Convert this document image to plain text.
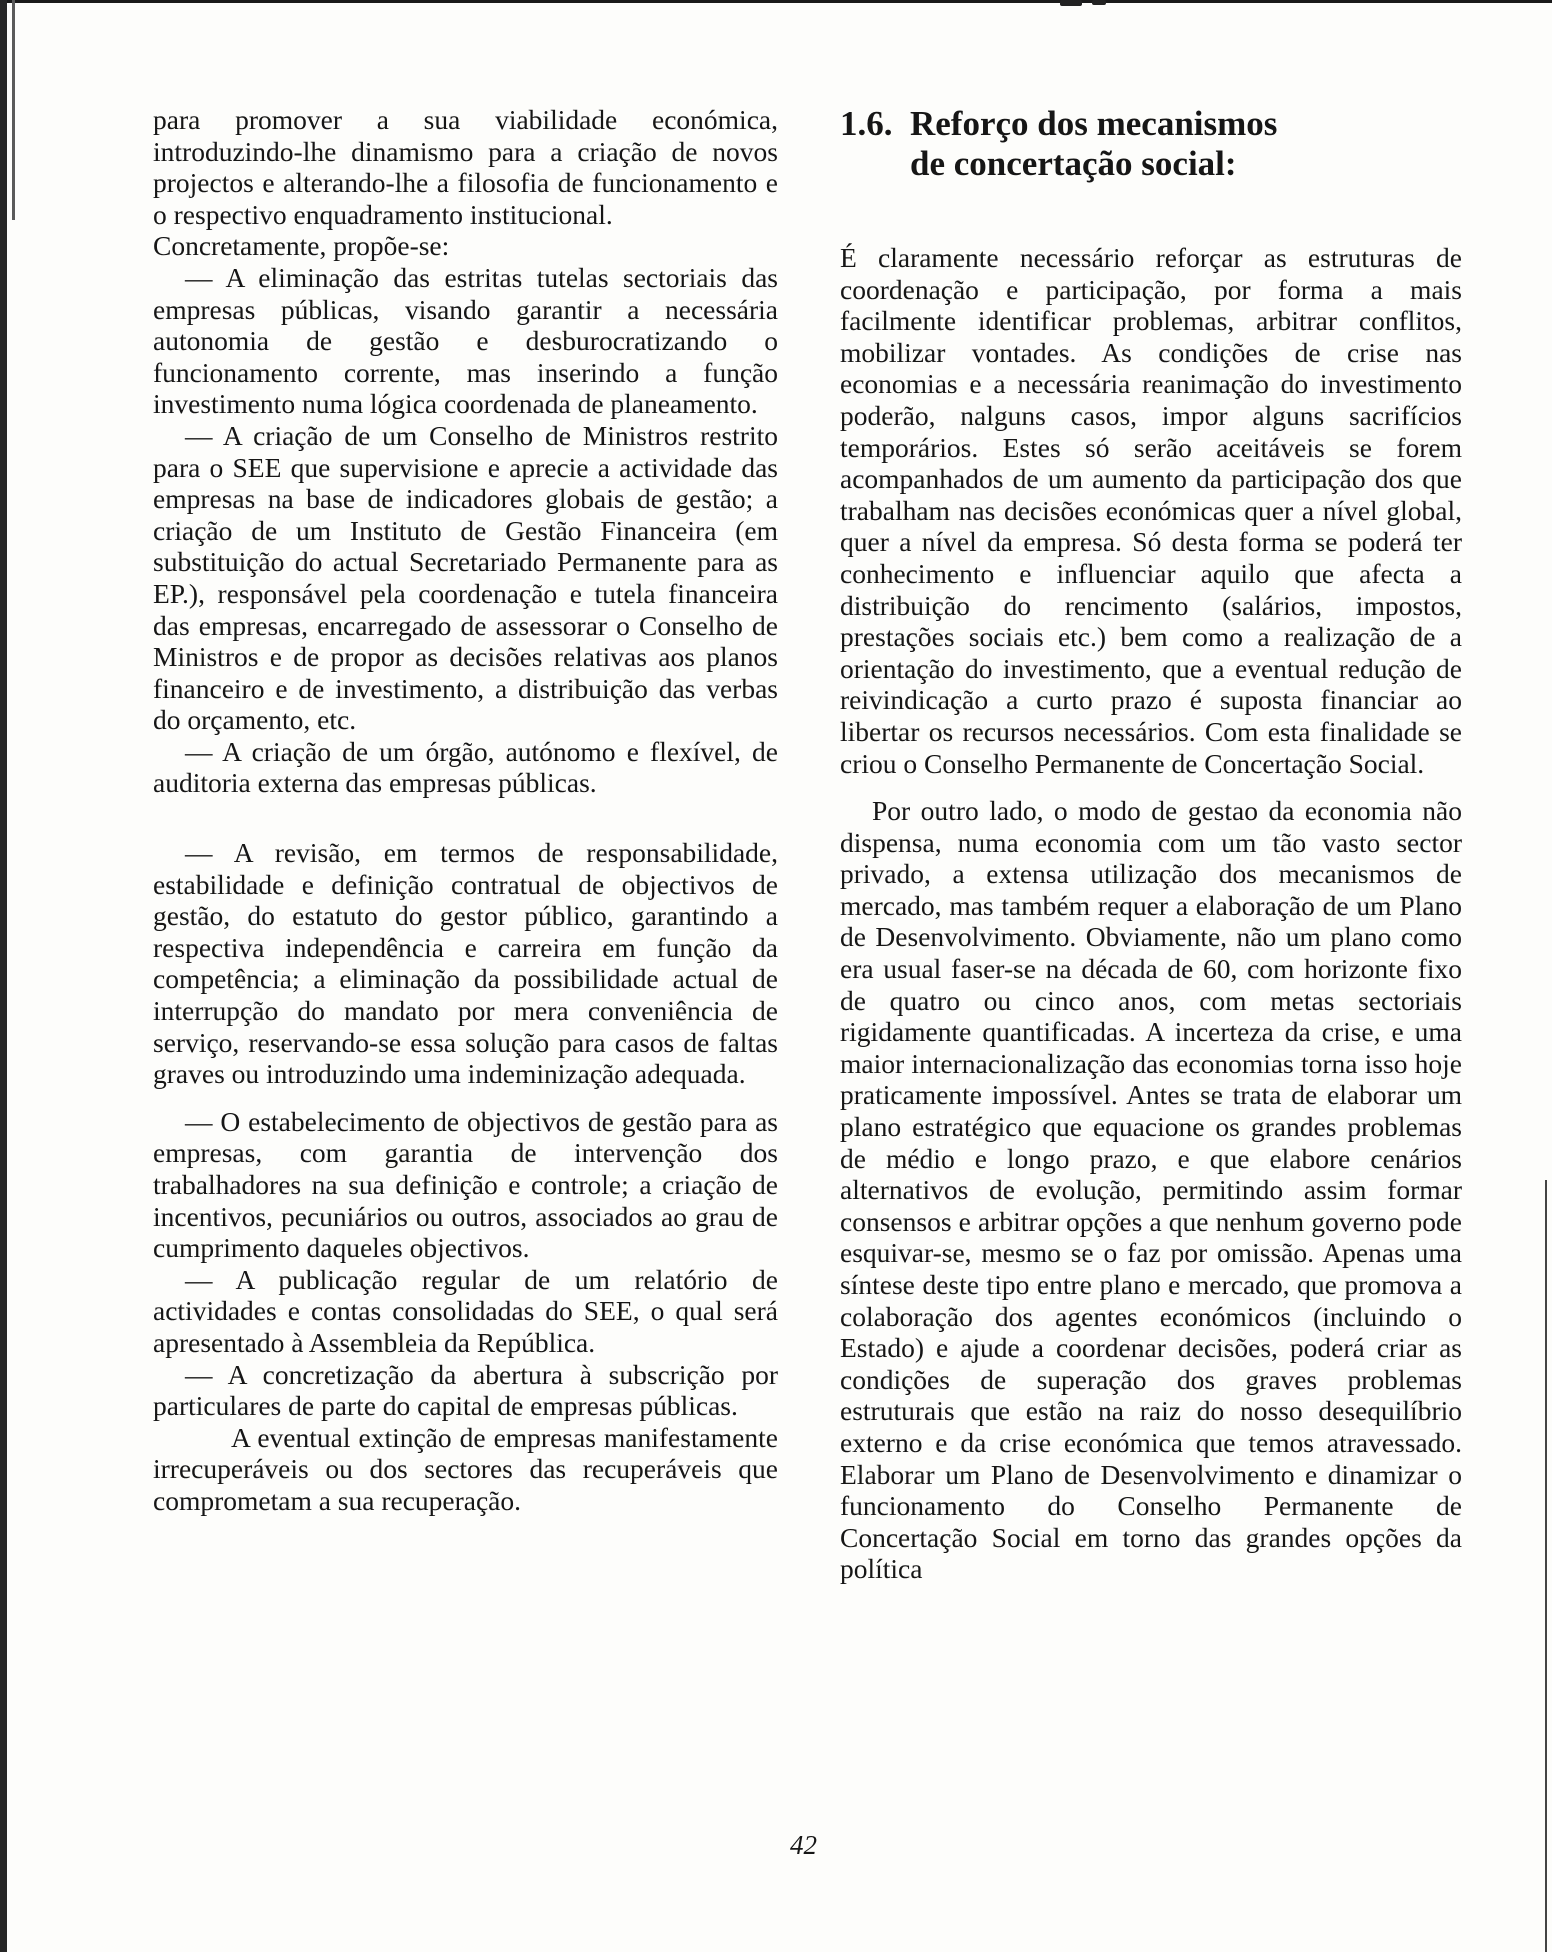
para promover a sua viabilidade económica, introduzindo-lhe dinamismo para a criação de novos projectos e alterando-lhe a filosofia de funcionamento e o respectivo enquadramento institucional.

Concretamente, propõe-se:

— A eliminação das estritas tutelas sectoriais das empresas públicas, visando garantir a necessária autonomia de gestão e desburocratizando o funcionamento corrente, mas inserindo a função investimento numa lógica coordenada de planeamento.

— A criação de um Conselho de Ministros restrito para o SEE que supervisione e aprecie a actividade das empresas na base de indicadores globais de gestão; a criação de um Instituto de Gestão Financeira (em substituição do actual Secretariado Permanente para as EP.), responsável pela coordenação e tutela financeira das empresas, encarregado de assessorar o Conselho de Ministros e de propor as decisões relativas aos planos financeiro e de investimento, a distribuição das verbas do orçamento, etc.

— A criação de um órgão, autónomo e flexível, de auditoria externa das empresas públicas.

— A revisão, em termos de responsabilidade, estabilidade e definição contratual de objectivos de gestão, do estatuto do gestor público, garantindo a respectiva independência e carreira em função da competência; a eliminação da possibilidade actual de interrupção do mandato por mera conveniência de serviço, reservando-se essa solução para casos de faltas graves ou introduzindo uma indeminização adequada.

— O estabelecimento de objectivos de gestão para as empresas, com garantia de intervenção dos trabalhadores na sua definição e controle; a criação de incentivos, pecuniários ou outros, associados ao grau de cumprimento daqueles objectivos.

— A publicação regular de um relatório de actividades e contas consolidadas do SEE, o qual será apresentado à Assembleia da República.

— A concretização da abertura à subscrição por particulares de parte do capital de empresas públicas.

A eventual extinção de empresas manifestamente irrecuperáveis ou dos sectores das recuperáveis que comprometam a sua recuperação.

1.6. Reforço dos mecanismos
de concertação social:

É claramente necessário reforçar as estruturas de coordenação e participação, por forma a mais facilmente identificar problemas, arbitrar conflitos, mobilizar vontades. As condições de crise nas economias e a necessária reanimação do investimento poderão, nalguns casos, impor alguns sacrifícios temporários. Estes só serão aceitáveis se forem acompanhados de um aumento da participação dos que trabalham nas decisões económicas quer a nível global, quer a nível da empresa. Só desta forma se poderá ter conhecimento e influenciar aquilo que afecta a distribuição do rencimento (salários, impostos, prestações sociais etc.) bem como a realização de a orientação do investimento, que a eventual redução de reivindicação a curto prazo é suposta financiar ao libertar os recursos necessários. Com esta finalidade se criou o Conselho Permanente de Concertação Social.

Por outro lado, o modo de gestao da economia não dispensa, numa economia com um tão vasto sector privado, a extensa utilização dos mecanismos de mercado, mas também requer a elaboração de um Plano de Desenvolvimento. Obviamente, não um plano como era usual faser-se na década de 60, com horizonte fixo de quatro ou cinco anos, com metas sectoriais rigidamente quantificadas. A incerteza da crise, e uma maior internacionalização das economias torna isso hoje praticamente impossível. Antes se trata de elaborar um plano estratégico que equacione os grandes problemas de médio e longo prazo, e que elabore cenários alternativos de evolução, permitindo assim formar consensos e arbitrar opções a que nenhum governo pode esquivar-se, mesmo se o faz por omissão. Apenas uma síntese deste tipo entre plano e mercado, que promova a colaboração dos agentes económicos (incluindo o Estado) e ajude a coordenar decisões, poderá criar as condições de superação dos graves problemas estruturais que estão na raiz do nosso desequilíbrio externo e da crise económica que temos atravessado. Elaborar um Plano de Desenvolvimento e dinamizar o funcionamento do Conselho Permanente de Concertação Social em torno das grandes opções da política

42
